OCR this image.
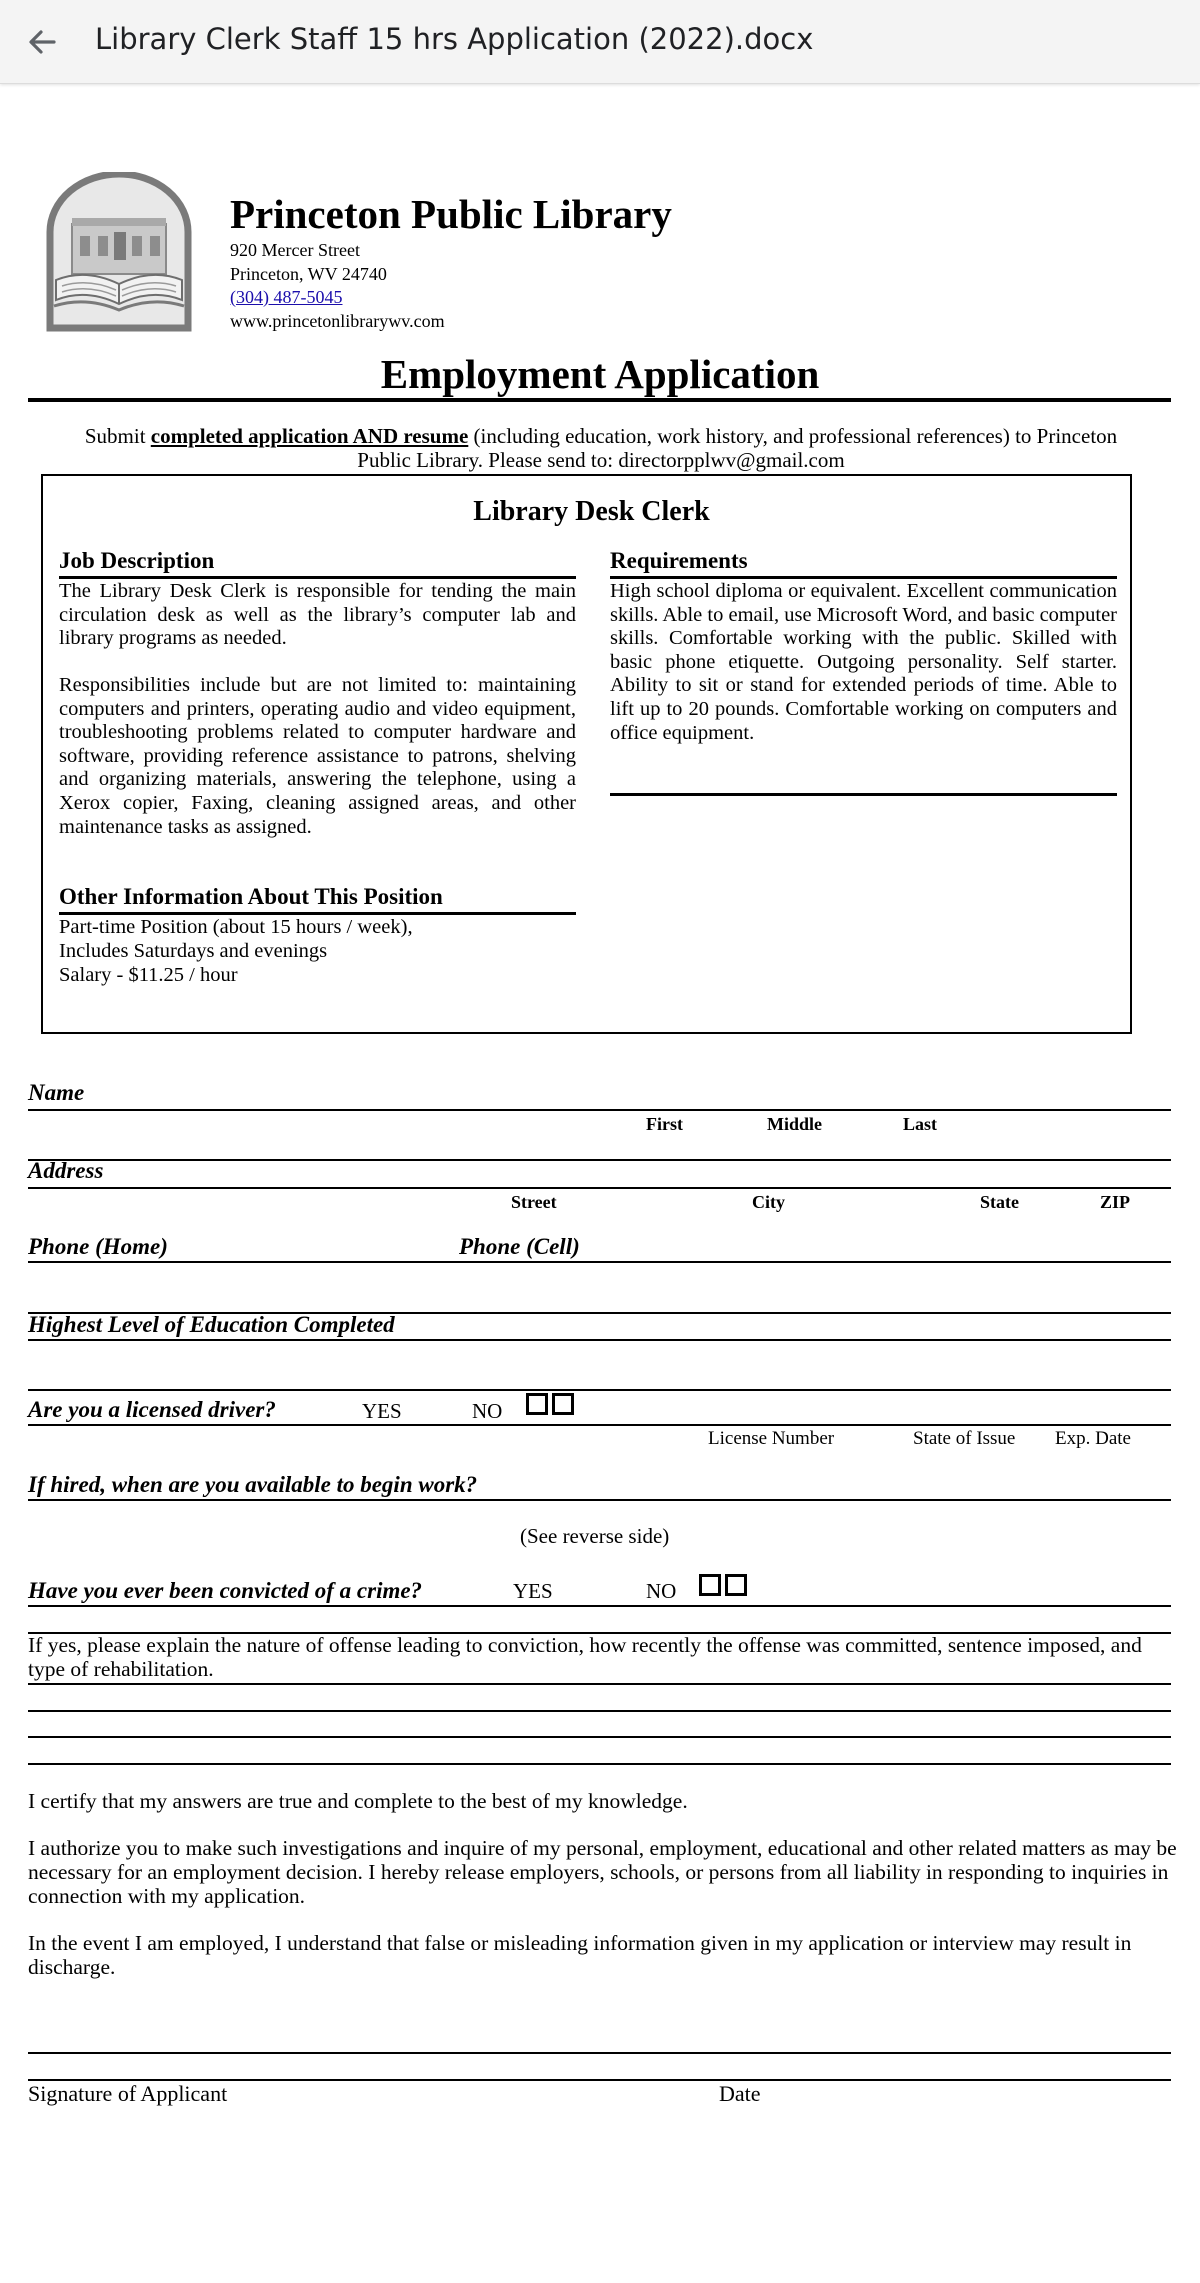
Library Clerk Staff 15 hrs Application (2022).docx
Princeton Public Library
920 Mercer Street
Princeton, WV 24740
(304) 487-5045
www.princetonlibrarywv.com
Employment Application
Submit completed application AND resume (including education, work history, and professional references) to Princeton
Public Library. Please send to: directorpplwv@gmail.com
Library Desk Clerk
Job Description
The Library Desk Clerk is responsible for tending the main circulation desk as well as the library’s computer lab and library programs as needed.
Responsibilities include but are not limited to: maintaining computers and printers, operating audio and video equipment, troubleshooting problems related to computer hardware and software, providing reference assistance to patrons, shelving and organizing materials, answering the telephone, using a Xerox copier, Faxing, cleaning assigned areas, and other maintenance tasks as assigned.
Other Information About This Position
Part-time Position (about 15 hours / week),
Includes Saturdays and evenings
Salary - $11.25 / hour
Requirements
High school diploma or equivalent. Excellent communication skills. Able to email, use Microsoft Word, and basic computer skills. Comfortable working with the public. Skilled with basic phone etiquette. Outgoing personality. Self starter. Ability to sit or stand for extended periods of time. Able to lift up to 20 pounds. Comfortable working on computers and office equipment.
Name
First	Middle	Last
Address
Street	City	State	ZIP
Phone (Home)	Phone (Cell)
Highest Level of Education Completed
Are you a licensed driver?	YES	NO
License Number	State of Issue Exp. Date
If hired, when are you available to begin work?
(See reverse side)
Have you ever been convicted of a crime?	YES	NO
If yes, please explain the nature of offense leading to conviction, how recently the offense was committed, sentence imposed, and type of rehabilitation.
I certify that my answers are true and complete to the best of my knowledge.
I authorize you to make such investigations and inquire of my personal, employment, educational and other related matters as may be necessary for an employment decision. I hereby release employers, schools, or persons from all liability in responding to inquiries in connection with my application.
In the event I am employed, I understand that false or misleading information given in my application or interview may result in discharge.
Signature of Applicant	Date
